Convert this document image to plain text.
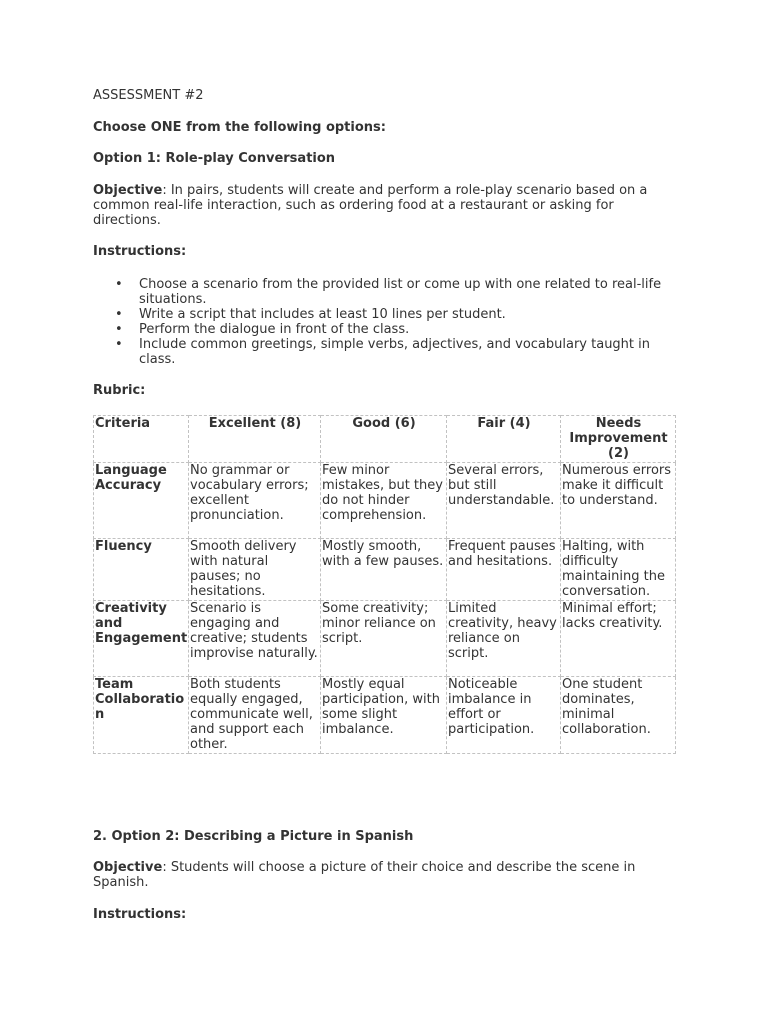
ASSESSMENT #2

Choose ONE from the following options:

Option 1: Role-play Conversation

Objective: In pairs, students will create and perform a role-play scenario based on a common real-life interaction, such as ordering food at a restaurant or asking for directions.

Instructions:

• Choose a scenario from the provided list or come up with one related to real-life situations.
• Write a script that includes at least 10 lines per student.
• Perform the dialogue in front of the class.
• Include common greetings, simple verbs, adjectives, and vocabulary taught in class.

Rubric:

Criteria	Excellent (8)	Good (6)	Fair (4)	Needs Improvement (2)
Language Accuracy	No grammar or vocabulary errors; excellent pronunciation.	Few minor mistakes, but they do not hinder comprehension.	Several errors, but still understandable.	Numerous errors make it difficult to understand.
Fluency	Smooth delivery with natural pauses; no hesitations.	Mostly smooth, with a few pauses.	Frequent pauses and hesitations.	Halting, with difficulty maintaining the conversation.
Creativity and Engagement	Scenario is engaging and creative; students improvise naturally.	Some creativity; minor reliance on script.	Limited creativity, heavy reliance on script.	Minimal effort; lacks creativity.
Team Collaboration	Both students equally engaged, communicate well, and support each other.	Mostly equal participation, with some slight imbalance.	Noticeable imbalance in effort or participation.	One student dominates, minimal collaboration.

2. Option 2: Describing a Picture in Spanish

Objective: Students will choose a picture of their choice and describe the scene in Spanish.

Instructions:
